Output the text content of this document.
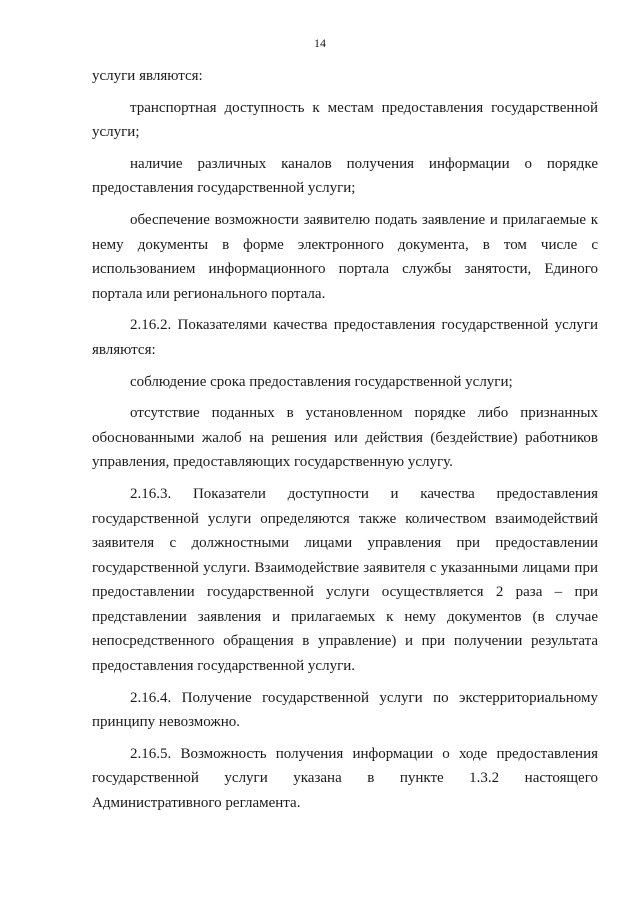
14

услуги являются:

транспортная доступность к местам предоставления государственной услуги;

наличие различных каналов получения информации о порядке предоставления государственной услуги;

обеспечение возможности заявителю подать заявление и прилагаемые к нему документы в форме электронного документа, в том числе с использованием информационного портала службы занятости, Единого портала или регионального портала.

2.16.2. Показателями качества предоставления государственной услуги являются:

соблюдение срока предоставления государственной услуги;

отсутствие поданных в установленном порядке либо признанных обоснованными жалоб на решения или действия (бездействие) работников управления, предоставляющих государственную услугу.

2.16.3. Показатели доступности и качества предоставления государственной услуги определяются также количеством взаимодействий заявителя с должностными лицами управления при предоставлении государственной услуги. Взаимодействие заявителя с указанными лицами при предоставлении государственной услуги осуществляется 2 раза – при представлении заявления и прилагаемых к нему документов (в случае непосредственного обращения в управление) и при получении результата предоставления государственной услуги.

2.16.4. Получение государственной услуги по экстерриториальному принципу невозможно.

2.16.5. Возможность получения информации о ходе предоставления государственной услуги указана в пункте 1.3.2 настоящего Административного регламента.
